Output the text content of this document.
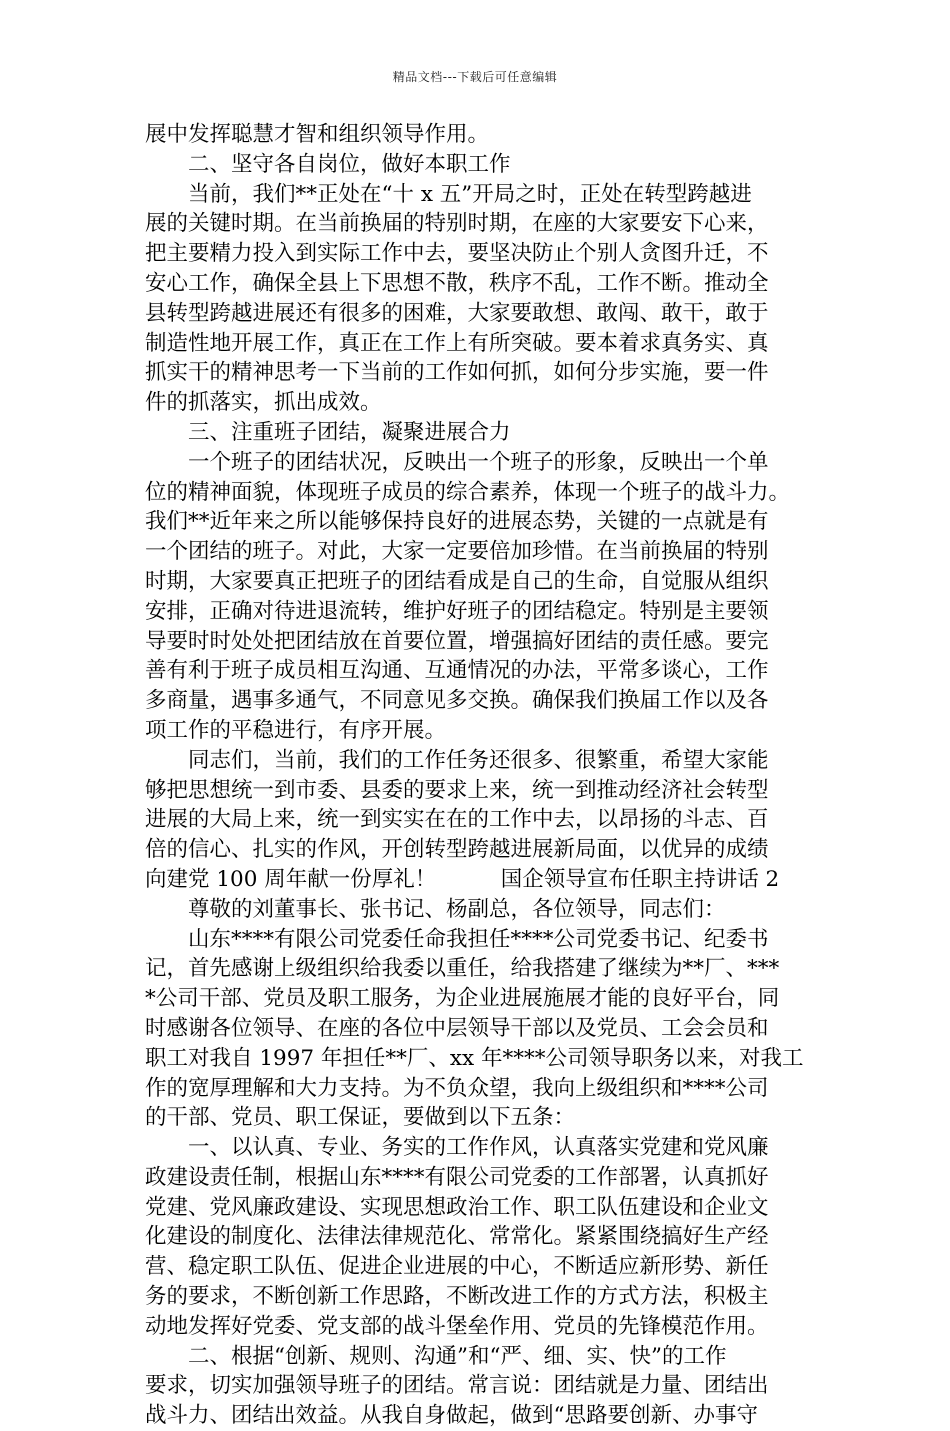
精品文档---下载后可任意编辑
展中发挥聪慧才智和组织领导作用。
　　二、坚守各自岗位，做好本职工作
　　当前，我们**正处在“十 x 五”开局之时，正处在转型跨越进
展的关键时期。在当前换届的特别时期，在座的大家要安下心来，
把主要精力投入到实际工作中去，要坚决防止个别人贪图升迁，不
安心工作，确保全县上下思想不散，秩序不乱，工作不断。推动全
县转型跨越进展还有很多的困难，大家要敢想、敢闯、敢干，敢于
制造性地开展工作，真正在工作上有所突破。要本着求真务实、真
抓实干的精神思考一下当前的工作如何抓，如何分步实施，要一件
件的抓落实，抓出成效。
　　三、注重班子团结，凝聚进展合力
　　一个班子的团结状况，反映出一个班子的形象，反映出一个单
位的精神面貌，体现班子成员的综合素养，体现一个班子的战斗力。
我们**近年来之所以能够保持良好的进展态势，关键的一点就是有
一个团结的班子。对此，大家一定要倍加珍惜。在当前换届的特别
时期，大家要真正把班子的团结看成是自己的生命，自觉服从组织
安排，正确对待进退流转，维护好班子的团结稳定。特别是主要领
导要时时处处把团结放在首要位置，增强搞好团结的责任感。要完
善有利于班子成员相互沟通、互通情况的办法，平常多谈心，工作
多商量，遇事多通气，不同意见多交换。确保我们换届工作以及各
项工作的平稳进行，有序开展。
　　同志们，当前，我们的工作任务还很多、很繁重，希望大家能
够把思想统一到市委、县委的要求上来，统一到推动经济社会转型
进展的大局上来，统一到实实在在的工作中去，以昂扬的斗志、百
倍的信心、扎实的作风，开创转型跨越进展新局面，以优异的成绩
向建党 100 周年献一份厚礼！　　　国企领导宣布任职主持讲话 2
　　尊敬的刘董事长、张书记、杨副总，各位领导，同志们：
　　山东****有限公司党委任命我担任****公司党委书记、纪委书
记，首先感谢上级组织给我委以重任，给我搭建了继续为**厂、***
*公司干部、党员及职工服务，为企业进展施展才能的良好平台，同
时感谢各位领导、在座的各位中层领导干部以及党员、工会会员和
职工对我自 1997 年担任**厂、xx 年****公司领导职务以来，对我工
作的宽厚理解和大力支持。为不负众望，我向上级组织和****公司
的干部、党员、职工保证，要做到以下五条：
　　一、以认真、专业、务实的工作作风，认真落实党建和党风廉
政建设责任制，根据山东****有限公司党委的工作部署，认真抓好
党建、党风廉政建设、实现思想政治工作、职工队伍建设和企业文
化建设的制度化、法律法律规范化、常常化。紧紧围绕搞好生产经
营、稳定职工队伍、促进企业进展的中心，不断适应新形势、新任
务的要求，不断创新工作思路，不断改进工作的方式方法，积极主
动地发挥好党委、党支部的战斗堡垒作用、党员的先锋模范作用。
　　二、根据“创新、规则、沟通”和“严、细、实、快”的工作
要求，切实加强领导班子的团结。常言说：团结就是力量、团结出
战斗力、团结出效益。从我自身做起，做到“思路要创新、办事守
